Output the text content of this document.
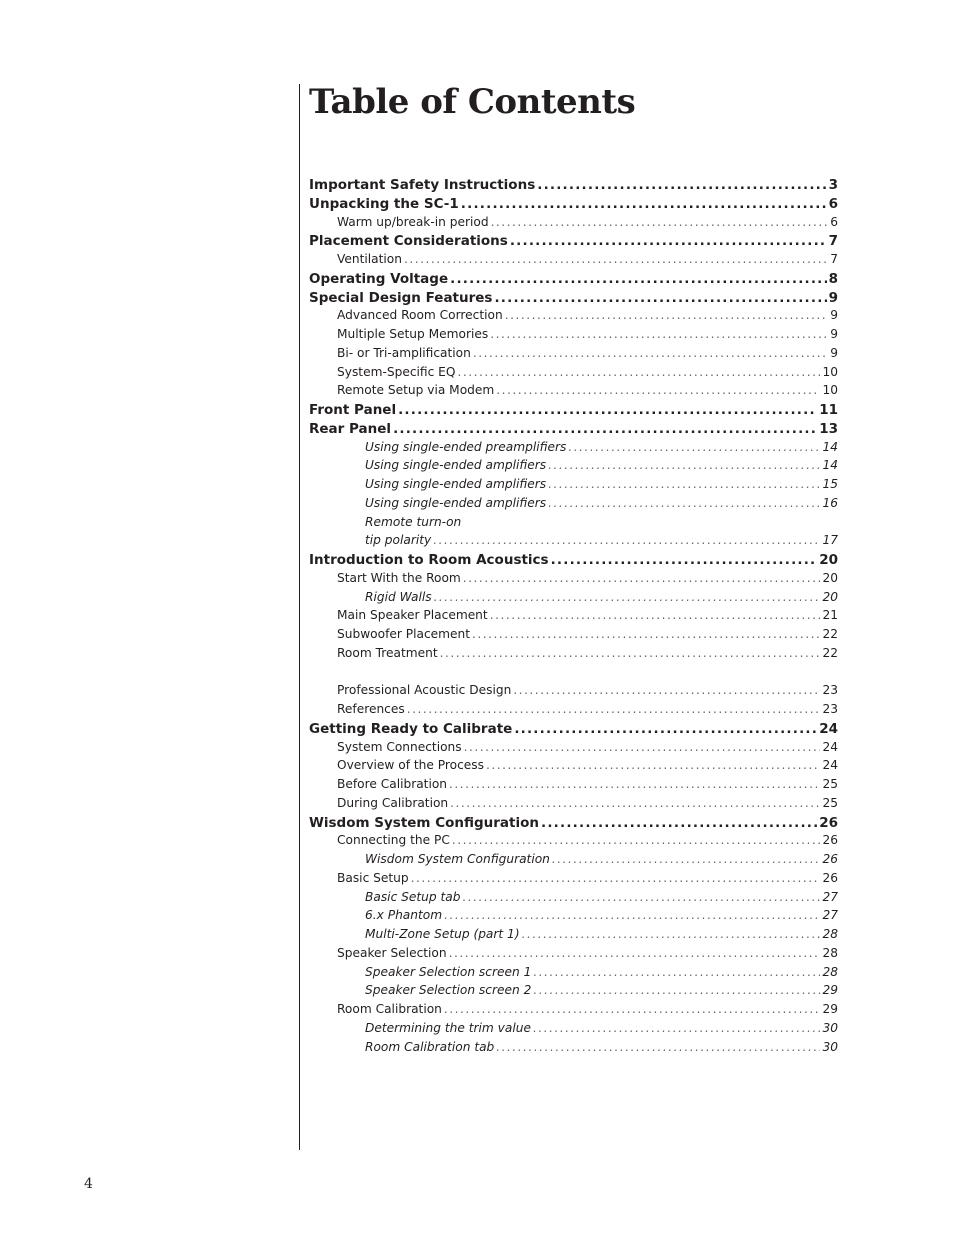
Table of Contents
Important Safety Instructions .....	3
Unpacking the SC-1 .....	6
Warm up/break-in period .....	6
Placement Considerations .....	7
Ventilation .....	7
Operating Voltage .....	8
Special Design Features .....	9
Advanced Room Correction .....	9
Multiple Setup Memories .....	9
Bi- or Tri-amplification .....	9
System-Specific EQ .....	10
Remote Setup via Modem .....	10
Front Panel .....	11
Rear Panel .....	13
Using single-ended preamplifiers .....	14
Using single-ended amplifiers .....	14
Using single-ended amplifiers .....	15
Using single-ended amplifiers .....	16
Remote turn-on
tip polarity .....	17
Introduction to Room Acoustics .....	20
Start With the Room .....	20
Rigid Walls .....	20
Main Speaker Placement .....	21
Subwoofer Placement .....	22
Room Treatment .....	22
Professional Acoustic Design .....	23
References .....	23
Getting Ready to Calibrate .....	24
System Connections .....	24
Overview of the Process .....	24
Before Calibration .....	25
During Calibration .....	25
Wisdom System Configuration .....	26
Connecting the PC .....	26
Wisdom System Configuration .....	26
Basic Setup .....	26
Basic Setup tab .....	27
6.x Phantom .....	27
Multi-Zone Setup (part 1) .....	28
Speaker Selection .....	28
Speaker Selection screen 1 .....	28
Speaker Selection screen 2 .....	29
Room Calibration .....	29
Determining the trim value .....	30
Room Calibration tab .....	30
4
